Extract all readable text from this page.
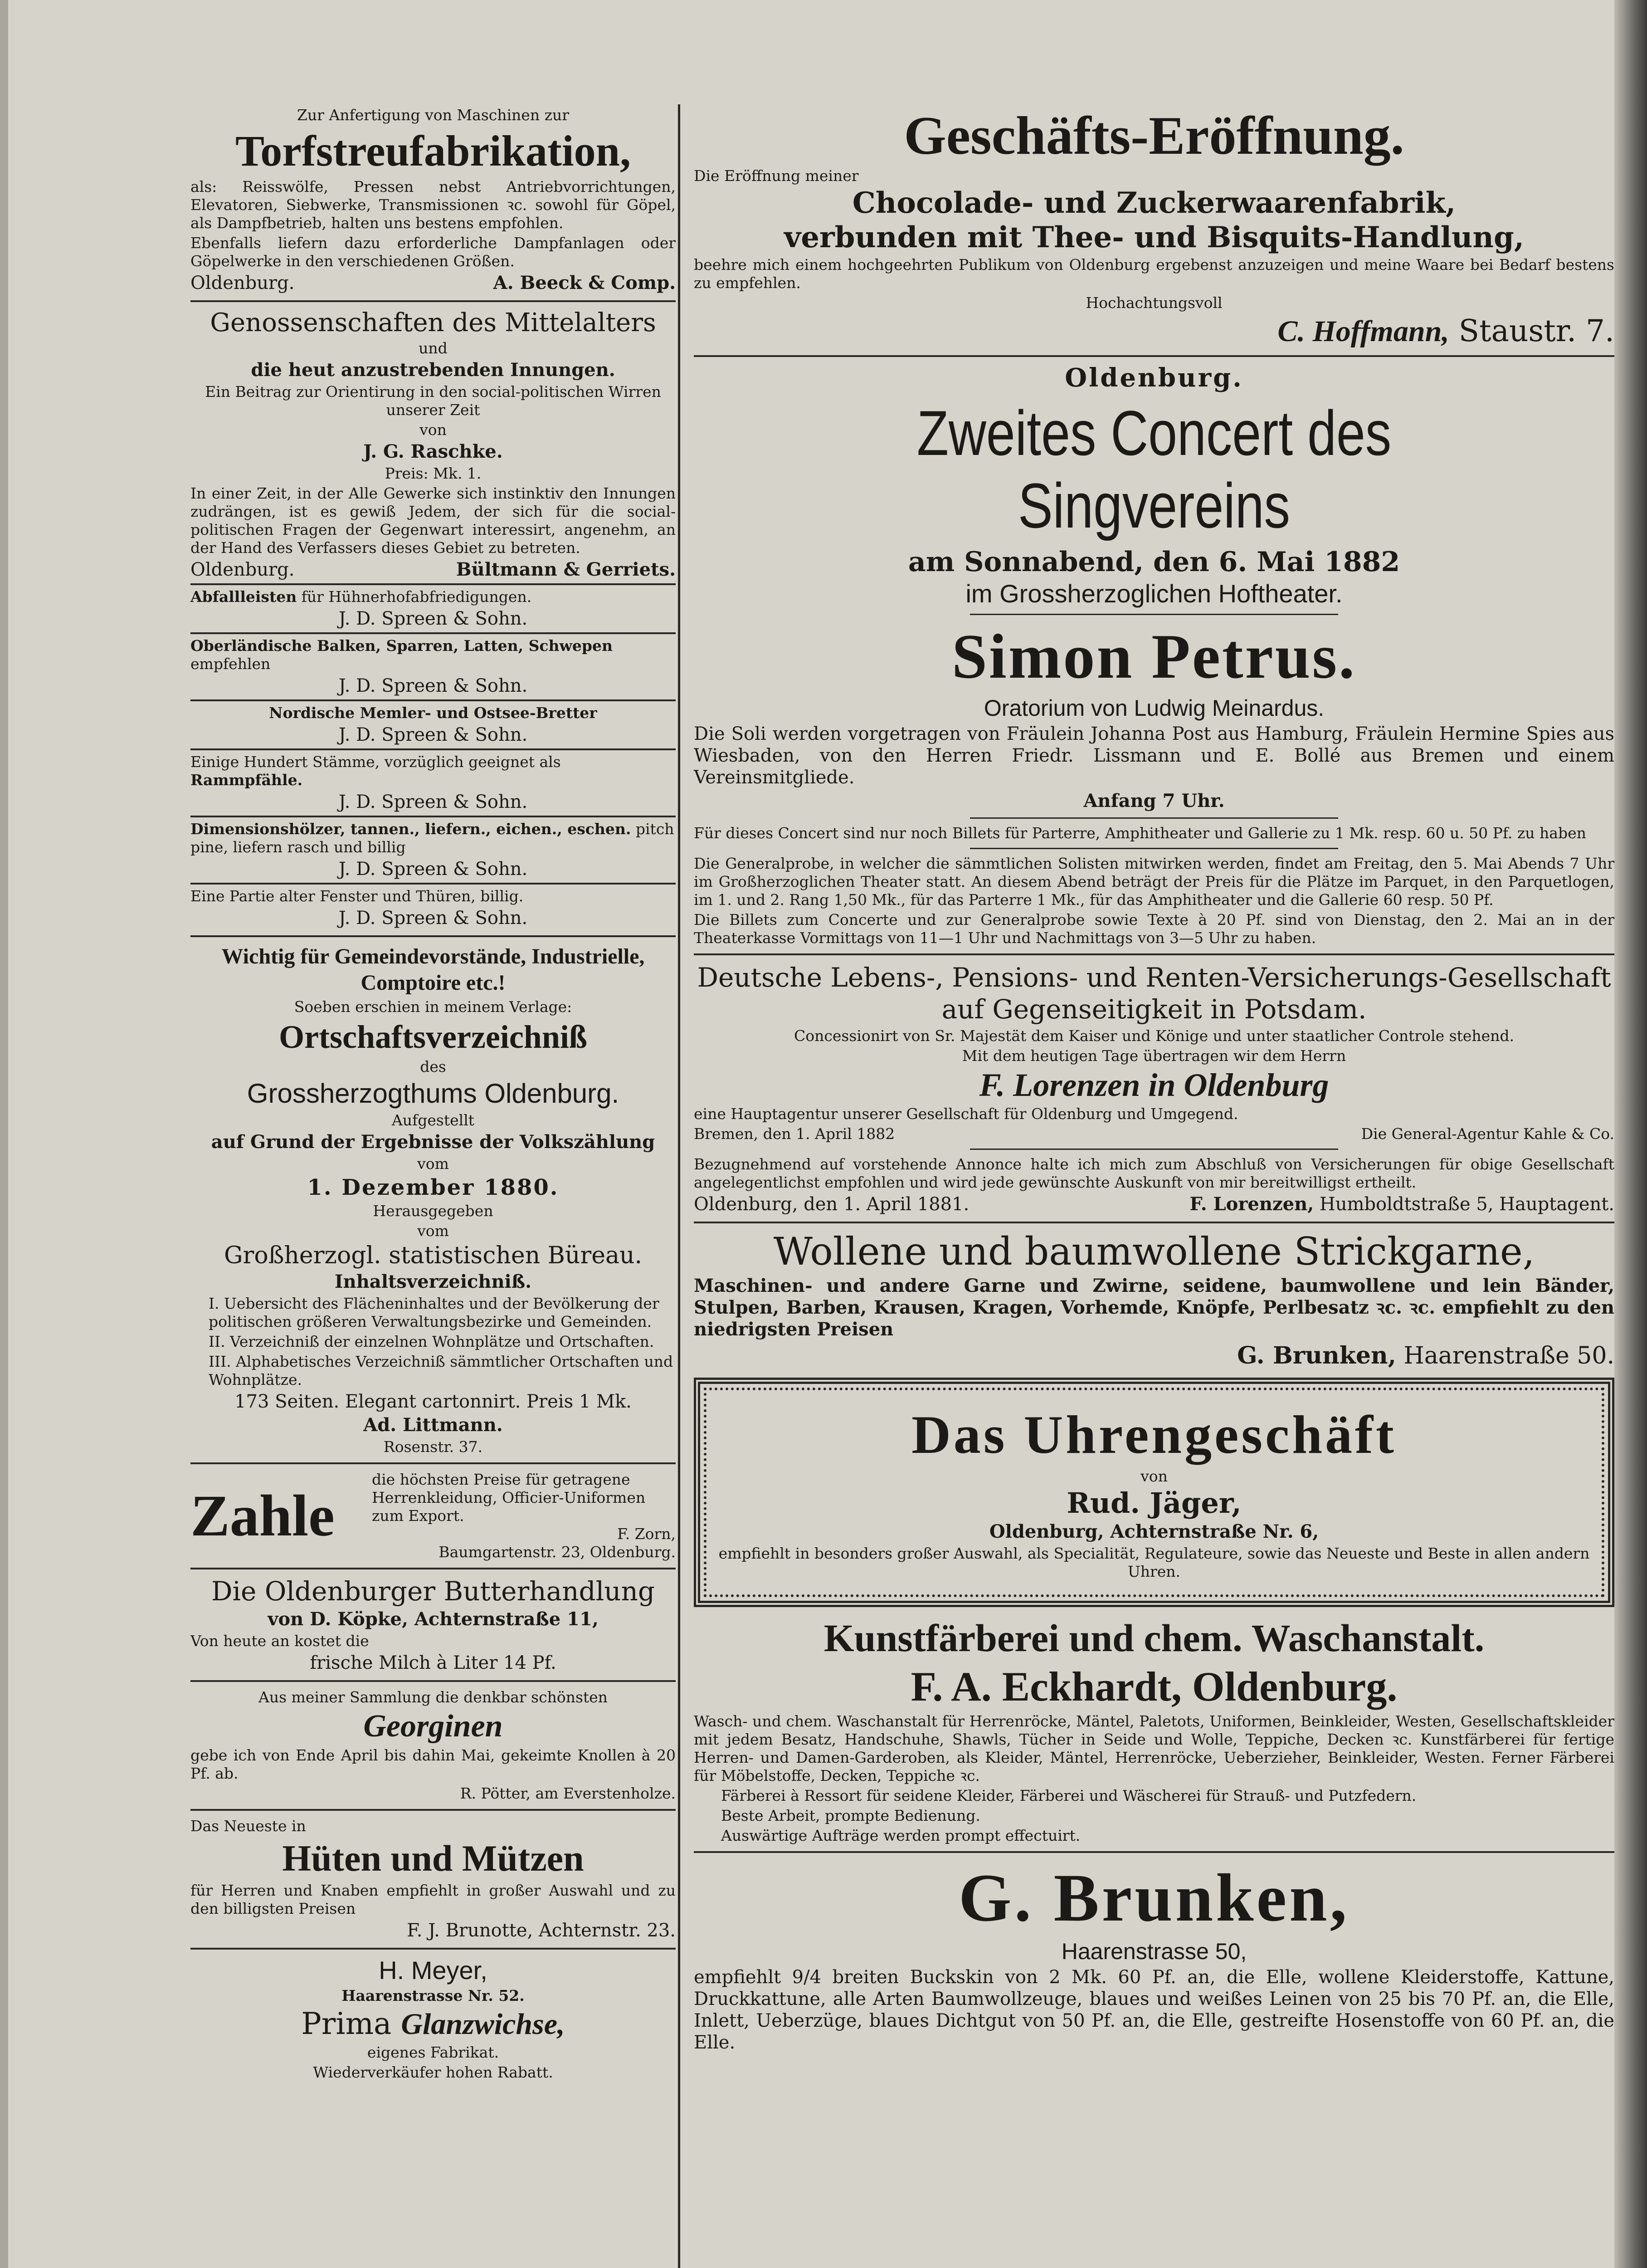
Zur Anfertigung von Maschinen zur

Torfstreufabrikation,

als: Reisswölfe, Pressen nebst Antriebvorrichtungen, Elevatoren, Siebwerke, Transmissionen ꝛc. sowohl für Göpel, als Dampfbetrieb, halten uns bestens empfohlen.

Ebenfalls liefern dazu erforderliche Dampfanlagen oder Göpelwerke in den verschiedenen Größen.

Oldenburg.	A. Beeck & Comp.

Genossenschaften des Mittelalters

und

die heut anzustrebenden Innungen.

Ein Beitrag zur Orientirung in den social-politischen Wirren unserer Zeit

von

J. G. Raschke.

Preis: Mk. 1.

In einer Zeit, in der Alle Gewerke sich instinktiv den Innungen zudrängen, ist es gewiß Jedem, der sich für die social-politischen Fragen der Gegenwart interessirt, angenehm, an der Hand des Verfassers dieses Gebiet zu betreten.

Oldenburg.	Bültmann & Gerriets.

Abfallleisten für Hühnerhofabfriedigungen.

J. D. Spreen & Sohn.

Oberländische Balken, Sparren, Latten, Schwepen empfehlen

J. D. Spreen & Sohn.

Nordische Memler- und Ostsee-Bretter

J. D. Spreen & Sohn.

Einige Hundert Stämme, vorzüglich geeignet als Rammpfähle.

J. D. Spreen & Sohn.

Dimensionshölzer, tannen., liefern., eichen., eschen. pitch pine, liefern rasch und billig

J. D. Spreen & Sohn.

Eine Partie alter Fenster und Thüren, billig.

J. D. Spreen & Sohn.

Wichtig für Gemeindevorstände, Industrielle, Comptoire etc.!

Soeben erschien in meinem Verlage:

Ortschaftsverzeichniß

des

Grossherzogthums Oldenburg.

Aufgestellt

auf Grund der Ergebnisse der Volkszählung

vom

1. Dezember 1880.

Herausgegeben

vom

Großherzogl. statistischen Büreau.

Inhaltsverzeichniß.

I. Uebersicht des Flächeninhaltes und der Bevölkerung der politischen größeren Verwaltungsbezirke und Gemeinden.

II. Verzeichniß der einzelnen Wohnplätze und Ortschaften.

III. Alphabetisches Verzeichniß sämmtlicher Ortschaften und Wohnplätze.

173 Seiten. Elegant cartonnirt. Preis 1 Mk.

Ad. Littmann.

Rosenstr. 37.

Zahle
die höchsten Preise für getragene Herrenkleidung, Officier-Uniformen zum Export.
F. Zorn,
Baumgartenstr. 23, Oldenburg.

Die Oldenburger Butterhandlung

von D. Köpke, Achternstraße 11,

Von heute an kostet die

frische Milch à Liter 14 Pf.

Aus meiner Sammlung die denkbar schönsten

Georginen

gebe ich von Ende April bis dahin Mai, gekeimte Knollen à 20 Pf. ab.

R. Pötter, am Everstenholze.

Das Neueste in

Hüten und Mützen

für Herren und Knaben empfiehlt in großer Auswahl und zu den billigsten Preisen

F. J. Brunotte, Achternstr. 23.

H. Meyer,

Haarenstrasse Nr. 52.

Prima Glanzwichse,

eigenes Fabrikat.

Wiederverkäufer hohen Rabatt.

Geschäfts-Eröffnung.

Die Eröffnung meiner

Chocolade- und Zuckerwaarenfabrik,

verbunden mit Thee- und Bisquits-Handlung,

beehre mich einem hochgeehrten Publikum von Oldenburg ergebenst anzuzeigen und meine Waare bei Bedarf bestens zu empfehlen.

Hochachtungsvoll

C. Hoffmann, Staustr. 7.

Oldenburg.

Zweites Concert des Singvereins

am Sonnabend, den 6. Mai 1882

im Grossherzoglichen Hoftheater.

Simon Petrus.

Oratorium von Ludwig Meinardus.

Die Soli werden vorgetragen von Fräulein Johanna Post aus Hamburg, Fräulein Hermine Spies aus Wiesbaden, von den Herren Friedr. Lissmann und E. Bollé aus Bremen und einem Vereinsmitgliede.

Anfang 7 Uhr.

Für dieses Concert sind nur noch Billets für Parterre, Amphitheater und Gallerie zu 1 Mk. resp. 60 u. 50 Pf. zu haben

Die Generalprobe, in welcher die sämmtlichen Solisten mitwirken werden, findet am Freitag, den 5. Mai Abends 7 Uhr im Großherzoglichen Theater statt. An diesem Abend beträgt der Preis für die Plätze im Parquet, in den Parquetlogen, im 1. und 2. Rang 1,50 Mk., für das Parterre 1 Mk., für das Amphitheater und die Gallerie 60 resp. 50 Pf.

Die Billets zum Concerte und zur Generalprobe sowie Texte à 20 Pf. sind von Dienstag, den 2. Mai an in der Theaterkasse Vormittags von 11—1 Uhr und Nachmittags von 3—5 Uhr zu haben.

Deutsche Lebens-, Pensions- und Renten-Versicherungs-Gesellschaft auf Gegenseitigkeit in Potsdam.

Concessionirt von Sr. Majestät dem Kaiser und Könige und unter staatlicher Controle stehend.

Mit dem heutigen Tage übertragen wir dem Herrn

F. Lorenzen in Oldenburg

eine Hauptagentur unserer Gesellschaft für Oldenburg und Umgegend.

Bremen, den 1. April 1882	Die General-Agentur Kahle & Co.

Bezugnehmend auf vorstehende Annonce halte ich mich zum Abschluß von Versicherungen für obige Gesellschaft angelegentlichst empfohlen und wird jede gewünschte Auskunft von mir bereitwilligst ertheilt.

Oldenburg, den 1. April 1881.	F. Lorenzen, Humboldtstraße 5, Hauptagent.

Wollene und baumwollene Strickgarne,

Maschinen- und andere Garne und Zwirne, seidene, baumwollene und lein Bänder, Stulpen, Barben, Krausen, Kragen, Vorhemde, Knöpfe, Perlbesatz ꝛc. ꝛc. empfiehlt zu den niedrigsten Preisen

G. Brunken, Haarenstraße 50.

Das Uhrengeschäft

von

Rud. Jäger,

Oldenburg, Achternstraße Nr. 6,

empfiehlt in besonders großer Auswahl, als Specialität, Regulateure, sowie das Neueste und Beste in allen andern Uhren.

Kunstfärberei und chem. Waschanstalt.

F. A. Eckhardt, Oldenburg.

Wasch- und chem. Waschanstalt für Herrenröcke, Mäntel, Paletots, Uniformen, Beinkleider, Westen, Gesellschaftskleider mit jedem Besatz, Handschuhe, Shawls, Tücher in Seide und Wolle, Teppiche, Decken ꝛc. Kunstfärberei für fertige Herren- und Damen-Garderoben, als Kleider, Mäntel, Herrenröcke, Ueberzieher, Beinkleider, Westen. Ferner Färberei für Möbelstoffe, Decken, Teppiche ꝛc.

Färberei à Ressort für seidene Kleider, Färberei und Wäscherei für Strauß- und Putzfedern.

Beste Arbeit, prompte Bedienung.

Auswärtige Aufträge werden prompt effectuirt.

G. Brunken,

Haarenstrasse 50,

empfiehlt 9/4 breiten Buckskin von 2 Mk. 60 Pf. an, die Elle, wollene Kleiderstoffe, Kattune, Druckkattune, alle Arten Baumwollzeuge, blaues und weißes Leinen von 25 bis 70 Pf. an, die Elle, Inlett, Ueberzüge, blaues Dichtgut von 50 Pf. an, die Elle, gestreifte Hosenstoffe von 60 Pf. an, die Elle.
